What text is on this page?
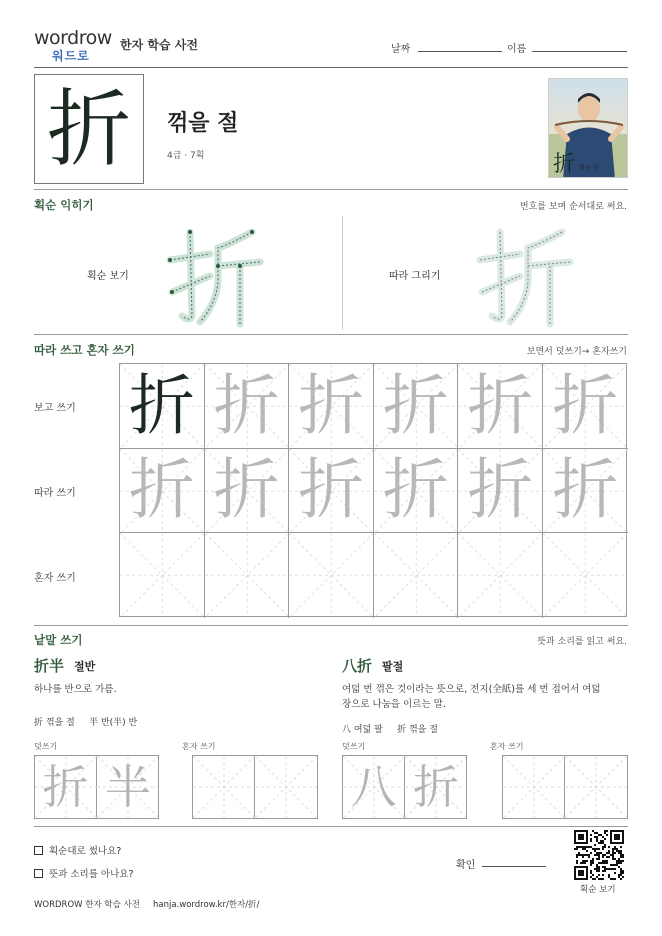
wordrow
워드로
한자 학습 사전	날짜	이름
折 꺾을 절
4급 · 7획	折 꺾을 절
획순 익히기	번호를 보며 순서대로 써요.
획순 보기	따라 그리기
따라 쓰고 혼자 쓰기	보면서 덧쓰기→ 혼자쓰기
보고 쓰기
따라 쓰기
혼자 쓰기
折 折 折 折 折 折
折 折 折 折 折 折
낱말 쓰기	뜻과 소리를 읽고 써요.
折半 절반
하나를 반으로 가름.
折 꺾을 절     半 반(半) 반
덧쓰기	혼자 쓰기
折 半
八折 팔절
여덟 번 꺾은 것이라는 뜻으로, 전지(全紙)를 세 번 접어서 여덟 장으로 나눔을 이르는 말.
八 여덟 팔     折 꺾을 절
덧쓰기	혼자 쓰기
八 折
획순대로 썼나요?
뜻과 소리를 아나요?
확인
획순 보기
WORDROW 한자 학습 사전 hanja.wordrow.kr/한자/折/
